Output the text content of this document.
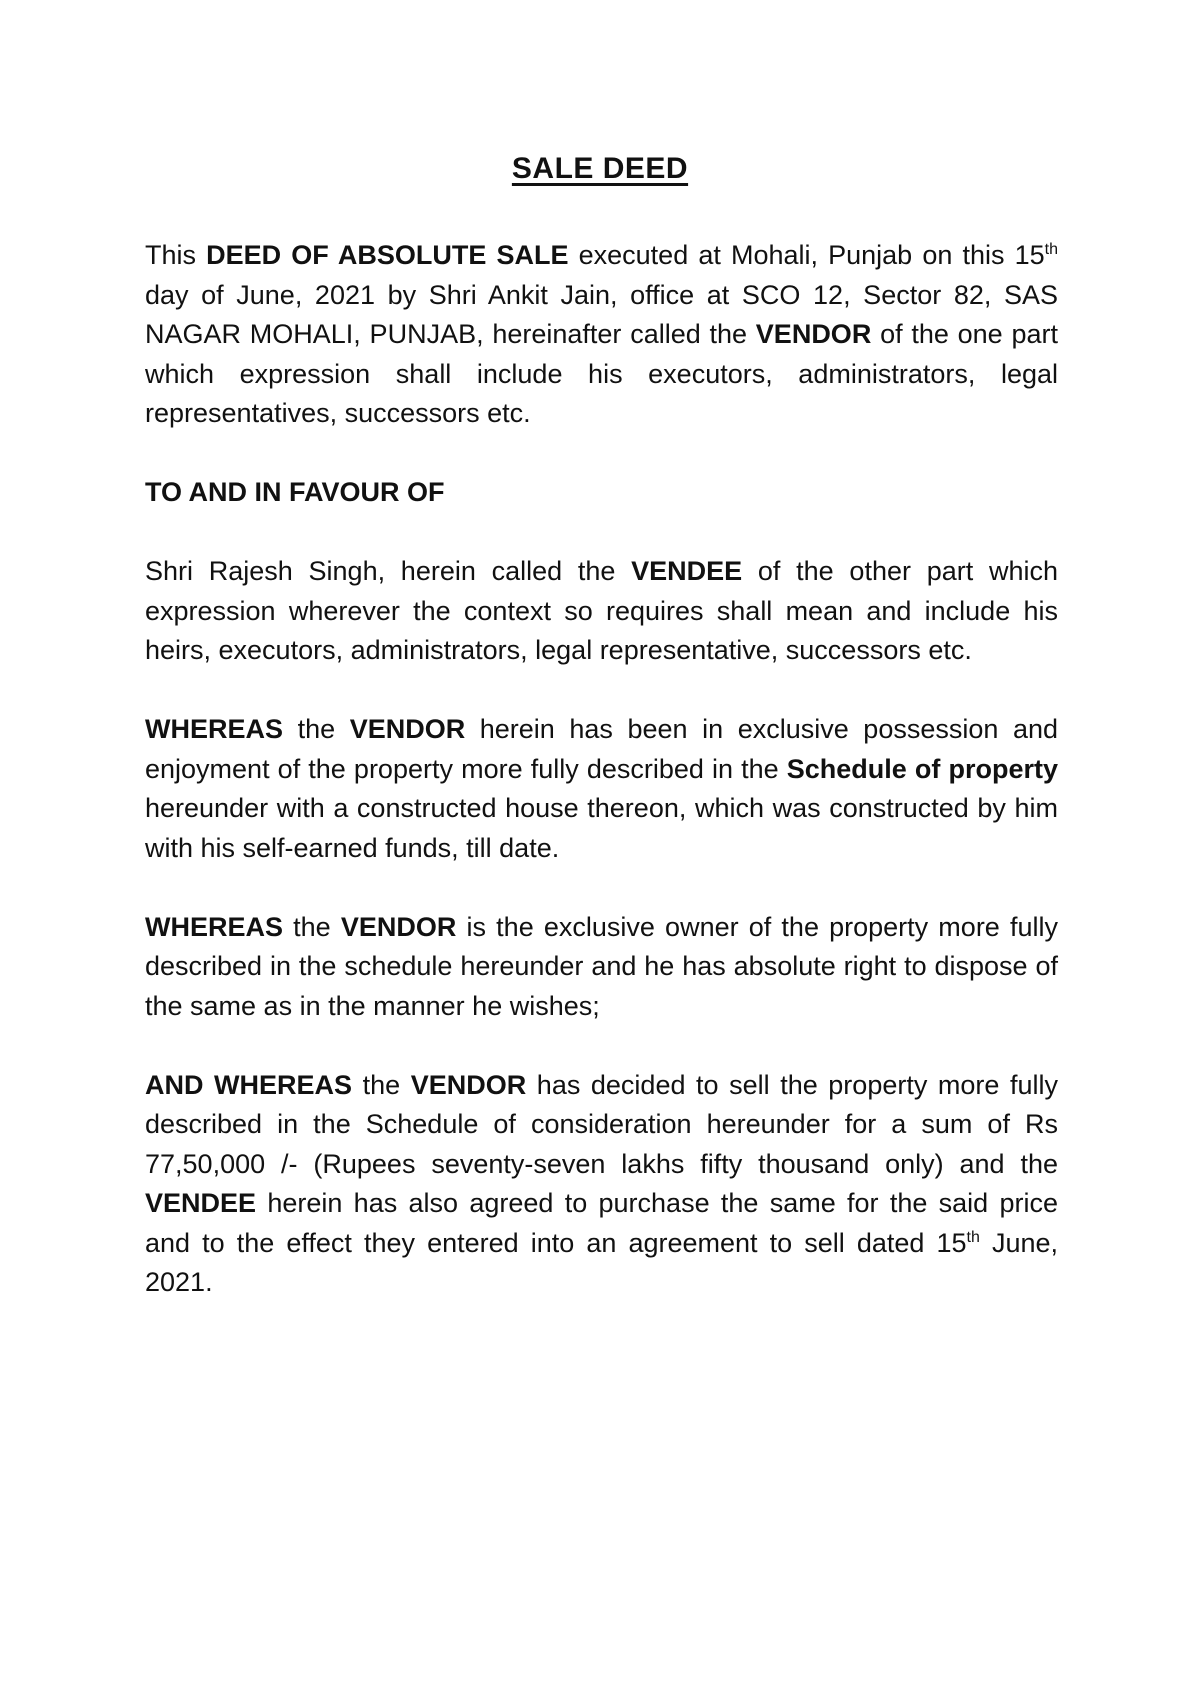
SALE DEED

This DEED OF ABSOLUTE SALE executed at Mohali, Punjab on this 15th day of June, 2021 by Shri Ankit Jain, office at SCO 12, Sector 82, SAS NAGAR MOHALI, PUNJAB, hereinafter called the VENDOR of the one part which expression shall include his executors, administrators, legal representatives, successors etc.

TO AND IN FAVOUR OF

Shri Rajesh Singh, herein called the VENDEE of the other part which expression wherever the context so requires shall mean and include his heirs, executors, administrators, legal representative, successors etc.

WHEREAS the VENDOR herein has been in exclusive possession and enjoyment of the property more fully described in the Schedule of property hereunder with a constructed house thereon, which was constructed by him with his self-earned funds, till date.

WHEREAS the VENDOR is the exclusive owner of the property more fully described in the schedule hereunder and he has absolute right to dispose of the same as in the manner he wishes;

AND WHEREAS the VENDOR has decided to sell the property more fully described in the Schedule of consideration hereunder for a sum of Rs 77,50,000 /- (Rupees seventy-seven lakhs fifty thousand only) and the VENDEE herein has also agreed to purchase the same for the said price and to the effect they entered into an agreement to sell dated 15th June, 2021.
